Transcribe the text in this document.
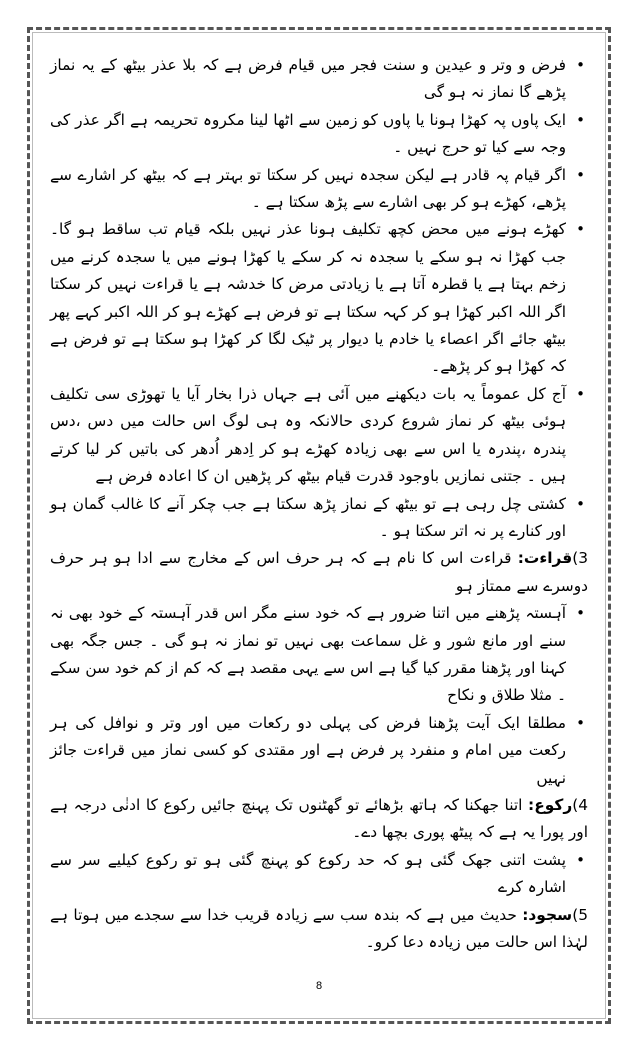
• فرض و وتر و عیدین و سنت فجر میں قیام فرض ہے کہ بلا عذر بیٹھ کے یہ نماز پڑھے گا نماز نہ ہو گی

• ایک پاوں پہ کھڑا ہونا یا پاوں کو زمین سے اٹھا لینا مکروہ تحریمہ ہے اگر عذر کی وجہ سے کیا تو حرج نہیں ۔

• اگر قیام پہ قادر ہے لیکن سجدہ نہیں کر سکتا تو بہتر ہے کہ بیٹھ کر اشارے سے پڑھے، کھڑے ہو کر بھی اشارے سے پڑھ سکتا ہے ۔

• کھڑے ہونے میں محض کچھ تکلیف ہونا عذر نہیں بلکہ قیام تب ساقط ہو گا۔ جب کھڑا نہ ہو سکے یا سجدہ نہ کر سکے یا کھڑا ہونے میں یا سجدہ کرنے میں زخم بہتا ہے یا قطرہ آتا ہے یا زیادتی مرض کا خدشہ ہے یا قراءت نہیں کر سکتا اگر اللہ اکبر کھڑا ہو کر کہہ سکتا ہے تو فرض ہے کھڑے ہو کر اللہ اکبر کہے پھر بیٹھ جائے اگر اعصاء یا خادم یا دیوار پر ٹیک لگا کر کھڑا ہو سکتا ہے تو فرض ہے کہ کھڑا ہو کر پڑھے۔

• آج کل عموماً یہ بات دیکھنے میں آئی ہے جہاں ذرا بخار آیا یا تھوڑی سی تکلیف ہوئی بیٹھ کر نماز شروع کردی حالانکہ وہ ہی لوگ اس حالت میں دس ،دس پندرہ ،پندرہ یا اس سے بھی زیادہ کھڑے ہو کر اِدھر اُدھر کی باتیں کر لیا کرتے ہیں ۔ جتنی نمازیں باوجود قدرت قیام بیٹھ کر پڑھیں ان کا اعادہ فرض ہے

• کشتی چل رہی ہے تو بیٹھ کے نماز پڑھ سکتا ہے جب چکر آنے کا غالب گمان ہو اور کنارے پر نہ اتر سکتا ہو ۔

3)قراءت: قراءت اس کا نام ہے کہ ہر حرف اس کے مخارج سے ادا ہو ہر حرف دوسرے سے ممتاز ہو

• آہستہ پڑھنے میں اتنا ضرور ہے کہ خود سنے مگر اس قدر آہستہ کے خود بھی نہ سنے اور مانع شور و غل سماعت بھی نہیں تو نماز نہ ہو گی ۔ جس جگہ بھی کہنا اور پڑھنا مقرر کیا گیا ہے اس سے یہی مقصد ہے کہ کم از کم خود سن سکے ۔ مثلا طلاق و نکاح

• مطلقا ایک آیت پڑھنا فرض کی پہلی دو رکعات میں اور وتر و نوافل کی ہر رکعت میں امام و منفرد پر فرض ہے اور مقتدی کو کسی نماز میں قراءت جائز نہیں

4)رکوع: اتنا جھکنا کہ ہاتھ بڑھائے تو گھٹنوں تک پہنچ جائیں رکوع کا ادنٰی درجہ ہے اور پورا یہ ہے کہ پیٹھ پوری بچھا دے۔

• پشت اتنی جھک گئی ہو کہ حد رکوع کو پہنچ گئی ہو تو رکوع کیلیے سر سے اشارہ کرے

5)سجود: حدیث میں ہے کہ بندہ سب سے زیادہ قریب خدا سے سجدے میں ہوتا ہے لہٰذا اس حالت میں زیادہ دعا کرو۔

8
